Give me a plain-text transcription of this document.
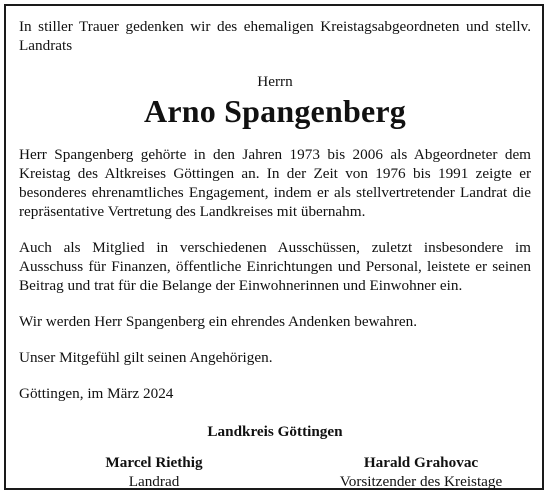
In stiller Trauer gedenken wir des ehemaligen Kreistagsabgeordneten und stellv. Landrats

Herrn
Arno Spangenberg

Herr Spangenberg gehörte in den Jahren 1973 bis 2006 als Abgeordneter dem Kreistag des Altkreises Göttingen an. In der Zeit von 1976 bis 1991 zeigte er besonderes ehrenamtliches Engagement, indem er als stellvertretender Landrat die repräsentative Vertretung des Landkreises mit übernahm.

Auch als Mitglied in verschiedenen Ausschüssen, zuletzt insbesondere im Ausschuss für Finanzen, öffentliche Einrichtungen und Personal, leistete er seinen Beitrag und trat für die Belange der Einwohnerinnen und Einwohner ein.

Wir werden Herr Spangenberg ein ehrendes Andenken bewahren.

Unser Mitgefühl gilt seinen Angehörigen.

Göttingen, im März 2024

Landkreis Göttingen
Marcel Riethig
Landrad
Harald Grahovac
Vorsitzender des Kreistage
